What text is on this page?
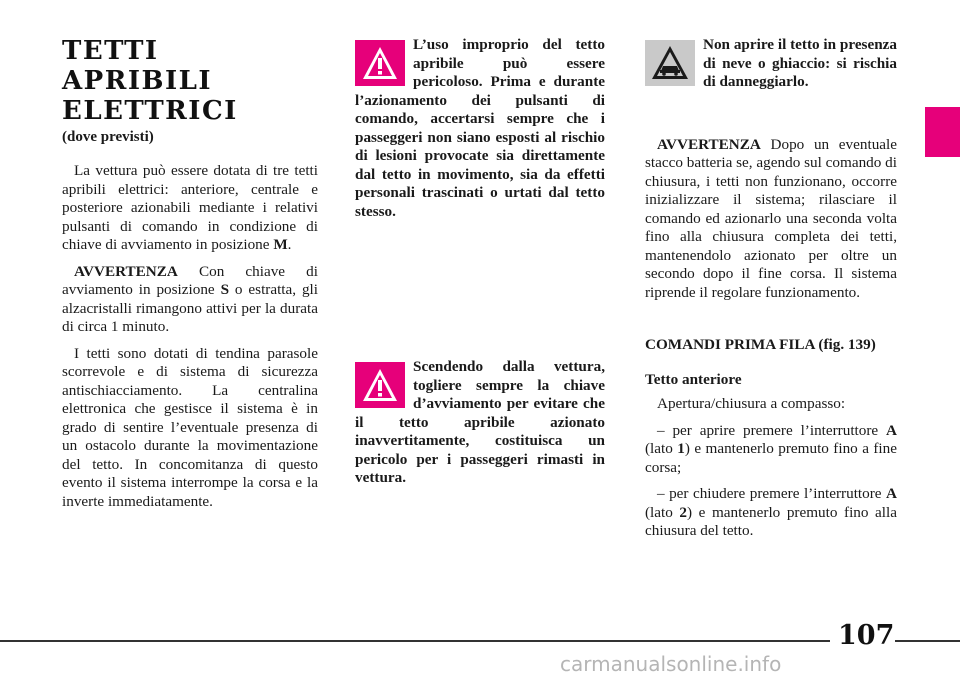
TETTI APRIBILI
ELETTRICI
(dove previsti)

La vettura può essere dotata di tre tetti apribili elettrici: anteriore, centrale e posteriore azionabili mediante i relativi pulsanti di comando in condizione di chiave di avviamento in posizione M.

AVVERTENZA Con chiave di avviamento in posizione S o estratta, gli alzacristalli rimangono attivi per la durata di circa 1 minuto.

I tetti sono dotati di tendina parasole scorrevole e di sistema di sicurezza antischiacciamento. La centralina elettronica che gestisce il sistema è in grado di sentire l’eventuale presenza di un ostacolo durante la movimentazione del tetto. In concomitanza di questo evento il sistema interrompe la corsa e la inverte immediatamente.

L’uso improprio del tetto apribile può essere pericoloso. Prima e durante l’azionamento dei pulsanti di comando, accertarsi sempre che i passeggeri non siano esposti al rischio di lesioni provocate sia direttamente dal tetto in movimento, sia da effetti personali trascinati o urtati dal tetto stesso.
Scendendo dalla vettura, togliere sempre la chiave d’avviamento per evitare che il tetto apribile azionato inavvertitamente, costituisca un pericolo per i passeggeri rimasti in vettura.
Non aprire il tetto in presenza di neve o ghiaccio: si rischia di danneggiarlo.

AVVERTENZA Dopo un eventuale stacco batteria se, agendo sul comando di chiusura, i tetti non funzionano, occorre inizializzare il sistema; rilasciare il comando ed azionarlo una seconda volta fino alla chiusura completa dei tetti, mantenendolo azionato per oltre un secondo dopo il fine corsa. Il sistema riprende il regolare funzionamento.

COMANDI PRIMA FILA (fig. 139)
Tetto anteriore

Apertura/chiusura a compasso:

– per aprire premere l’interruttore A (lato 1) e mantenerlo premuto fino a fine corsa;

– per chiudere premere l’interruttore A (lato 2) e mantenerlo premuto fino alla chiusura del tetto.

107
carmanualsonline.info
